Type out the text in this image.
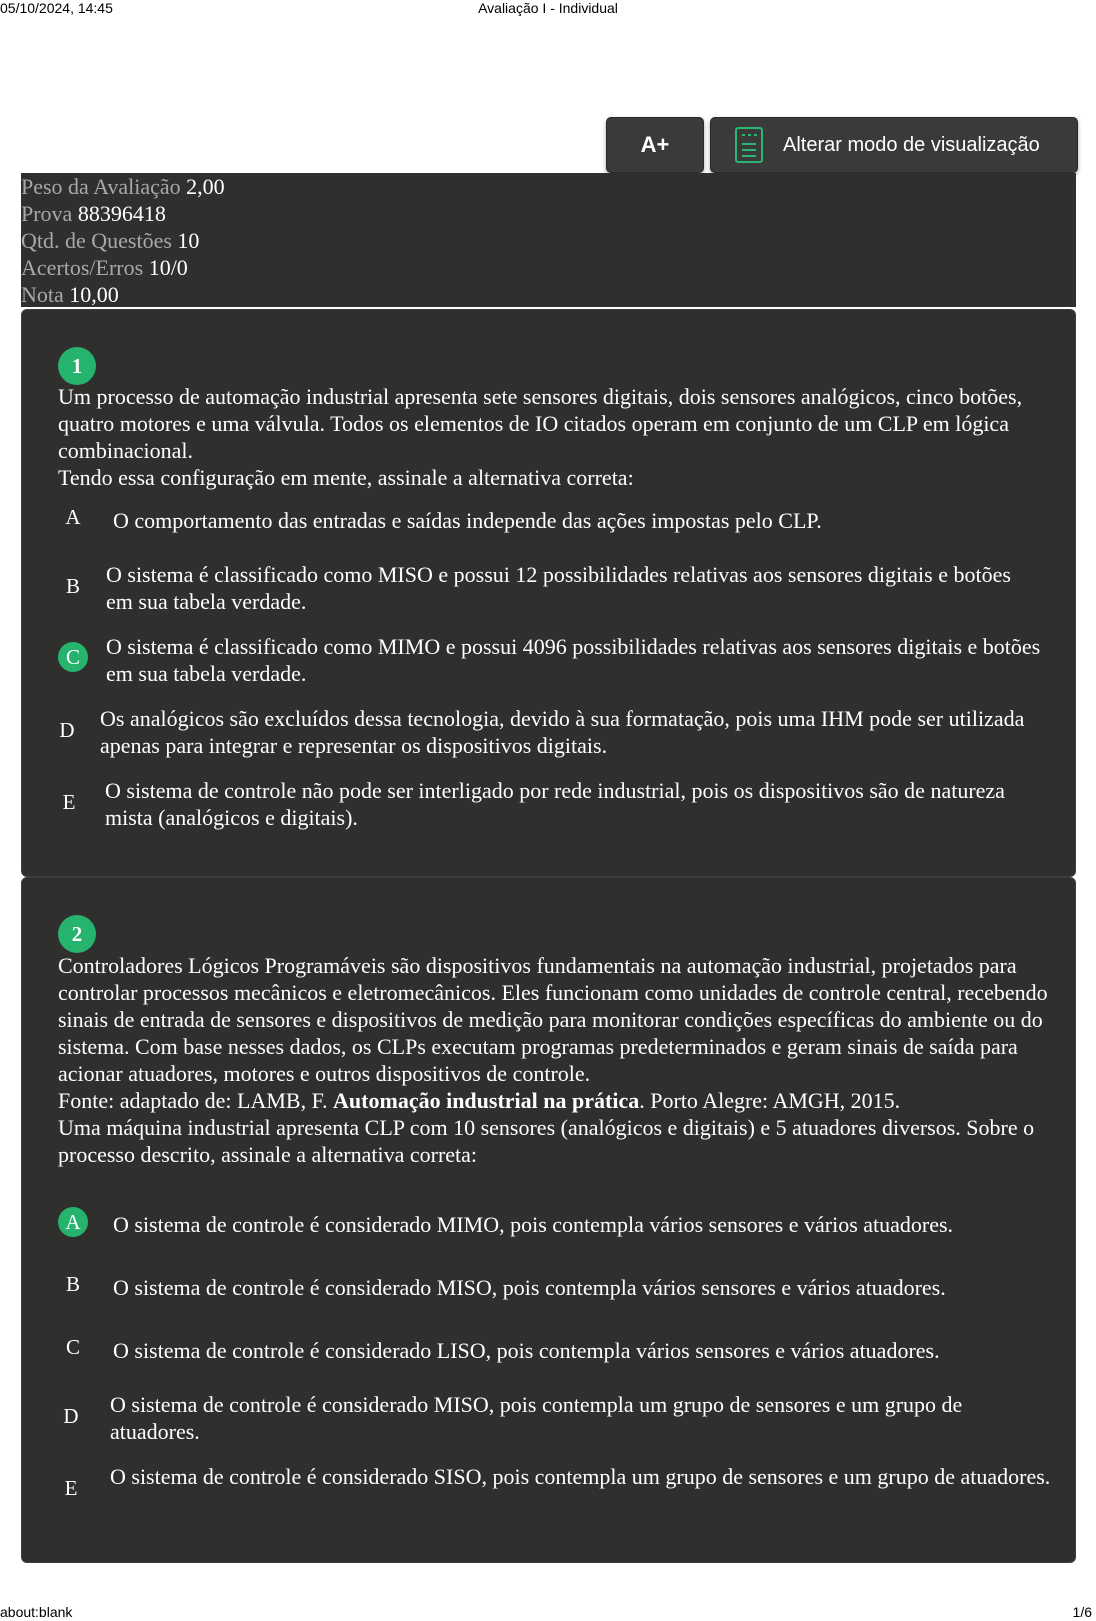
Avaliação I - Individual
05/10/2024, 14:45
A+	Alterar modo de visualização
Peso da Avaliação 2,00
Prova 88396418
Qtd. de Questões 10
Acertos/Erros 10/0
Nota 10,00
1

Um processo de automação industrial apresenta sete sensores digitais, dois sensores analógicos, cinco botões, quatro motores e uma válvula. Todos os elementos de IO citados operam em conjunto de um CLP em lógica combinacional.

Tendo essa configuração em mente, assinale a alternativa correta:

A	O comportamento das entradas e saídas independe das ações impostas pelo CLP.
B	O sistema é classificado como MISO e possui 12 possibilidades relativas aos sensores digitais e botões em sua tabela verdade.
C	O sistema é classificado como MIMO e possui 4096 possibilidades relativas aos sensores digitais e botões em sua tabela verdade.
D	Os analógicos são excluídos dessa tecnologia, devido à sua formatação, pois uma IHM pode ser utilizada apenas para integrar e representar os dispositivos digitais.
E	O sistema de controle não pode ser interligado por rede industrial, pois os dispositivos são de natureza mista (analógicos e digitais).
2

Controladores Lógicos Programáveis são dispositivos fundamentais na automação industrial, projetados para controlar processos mecânicos e eletromecânicos. Eles funcionam como unidades de controle central, recebendo sinais de entrada de sensores e dispositivos de medição para monitorar condições específicas do ambiente ou do sistema. Com base nesses dados, os CLPs executam programas predeterminados e geram sinais de saída para acionar atuadores, motores e outros dispositivos de controle.

Fonte: adaptado de: LAMB, F. Automação industrial na prática. Porto Alegre: AMGH, 2015.

Uma máquina industrial apresenta CLP com 10 sensores (analógicos e digitais) e 5 atuadores diversos. Sobre o processo descrito, assinale a alternativa correta:

A	O sistema de controle é considerado MIMO, pois contempla vários sensores e vários atuadores.
B	O sistema de controle é considerado MISO, pois contempla vários sensores e vários atuadores.
C	O sistema de controle é considerado LISO, pois contempla vários sensores e vários atuadores.
D	O sistema de controle é considerado MISO, pois contempla um grupo de sensores e um grupo de atuadores.
E	O sistema de controle é considerado SISO, pois contempla um grupo de sensores e um grupo de atuadores.
about:blank	1/6
